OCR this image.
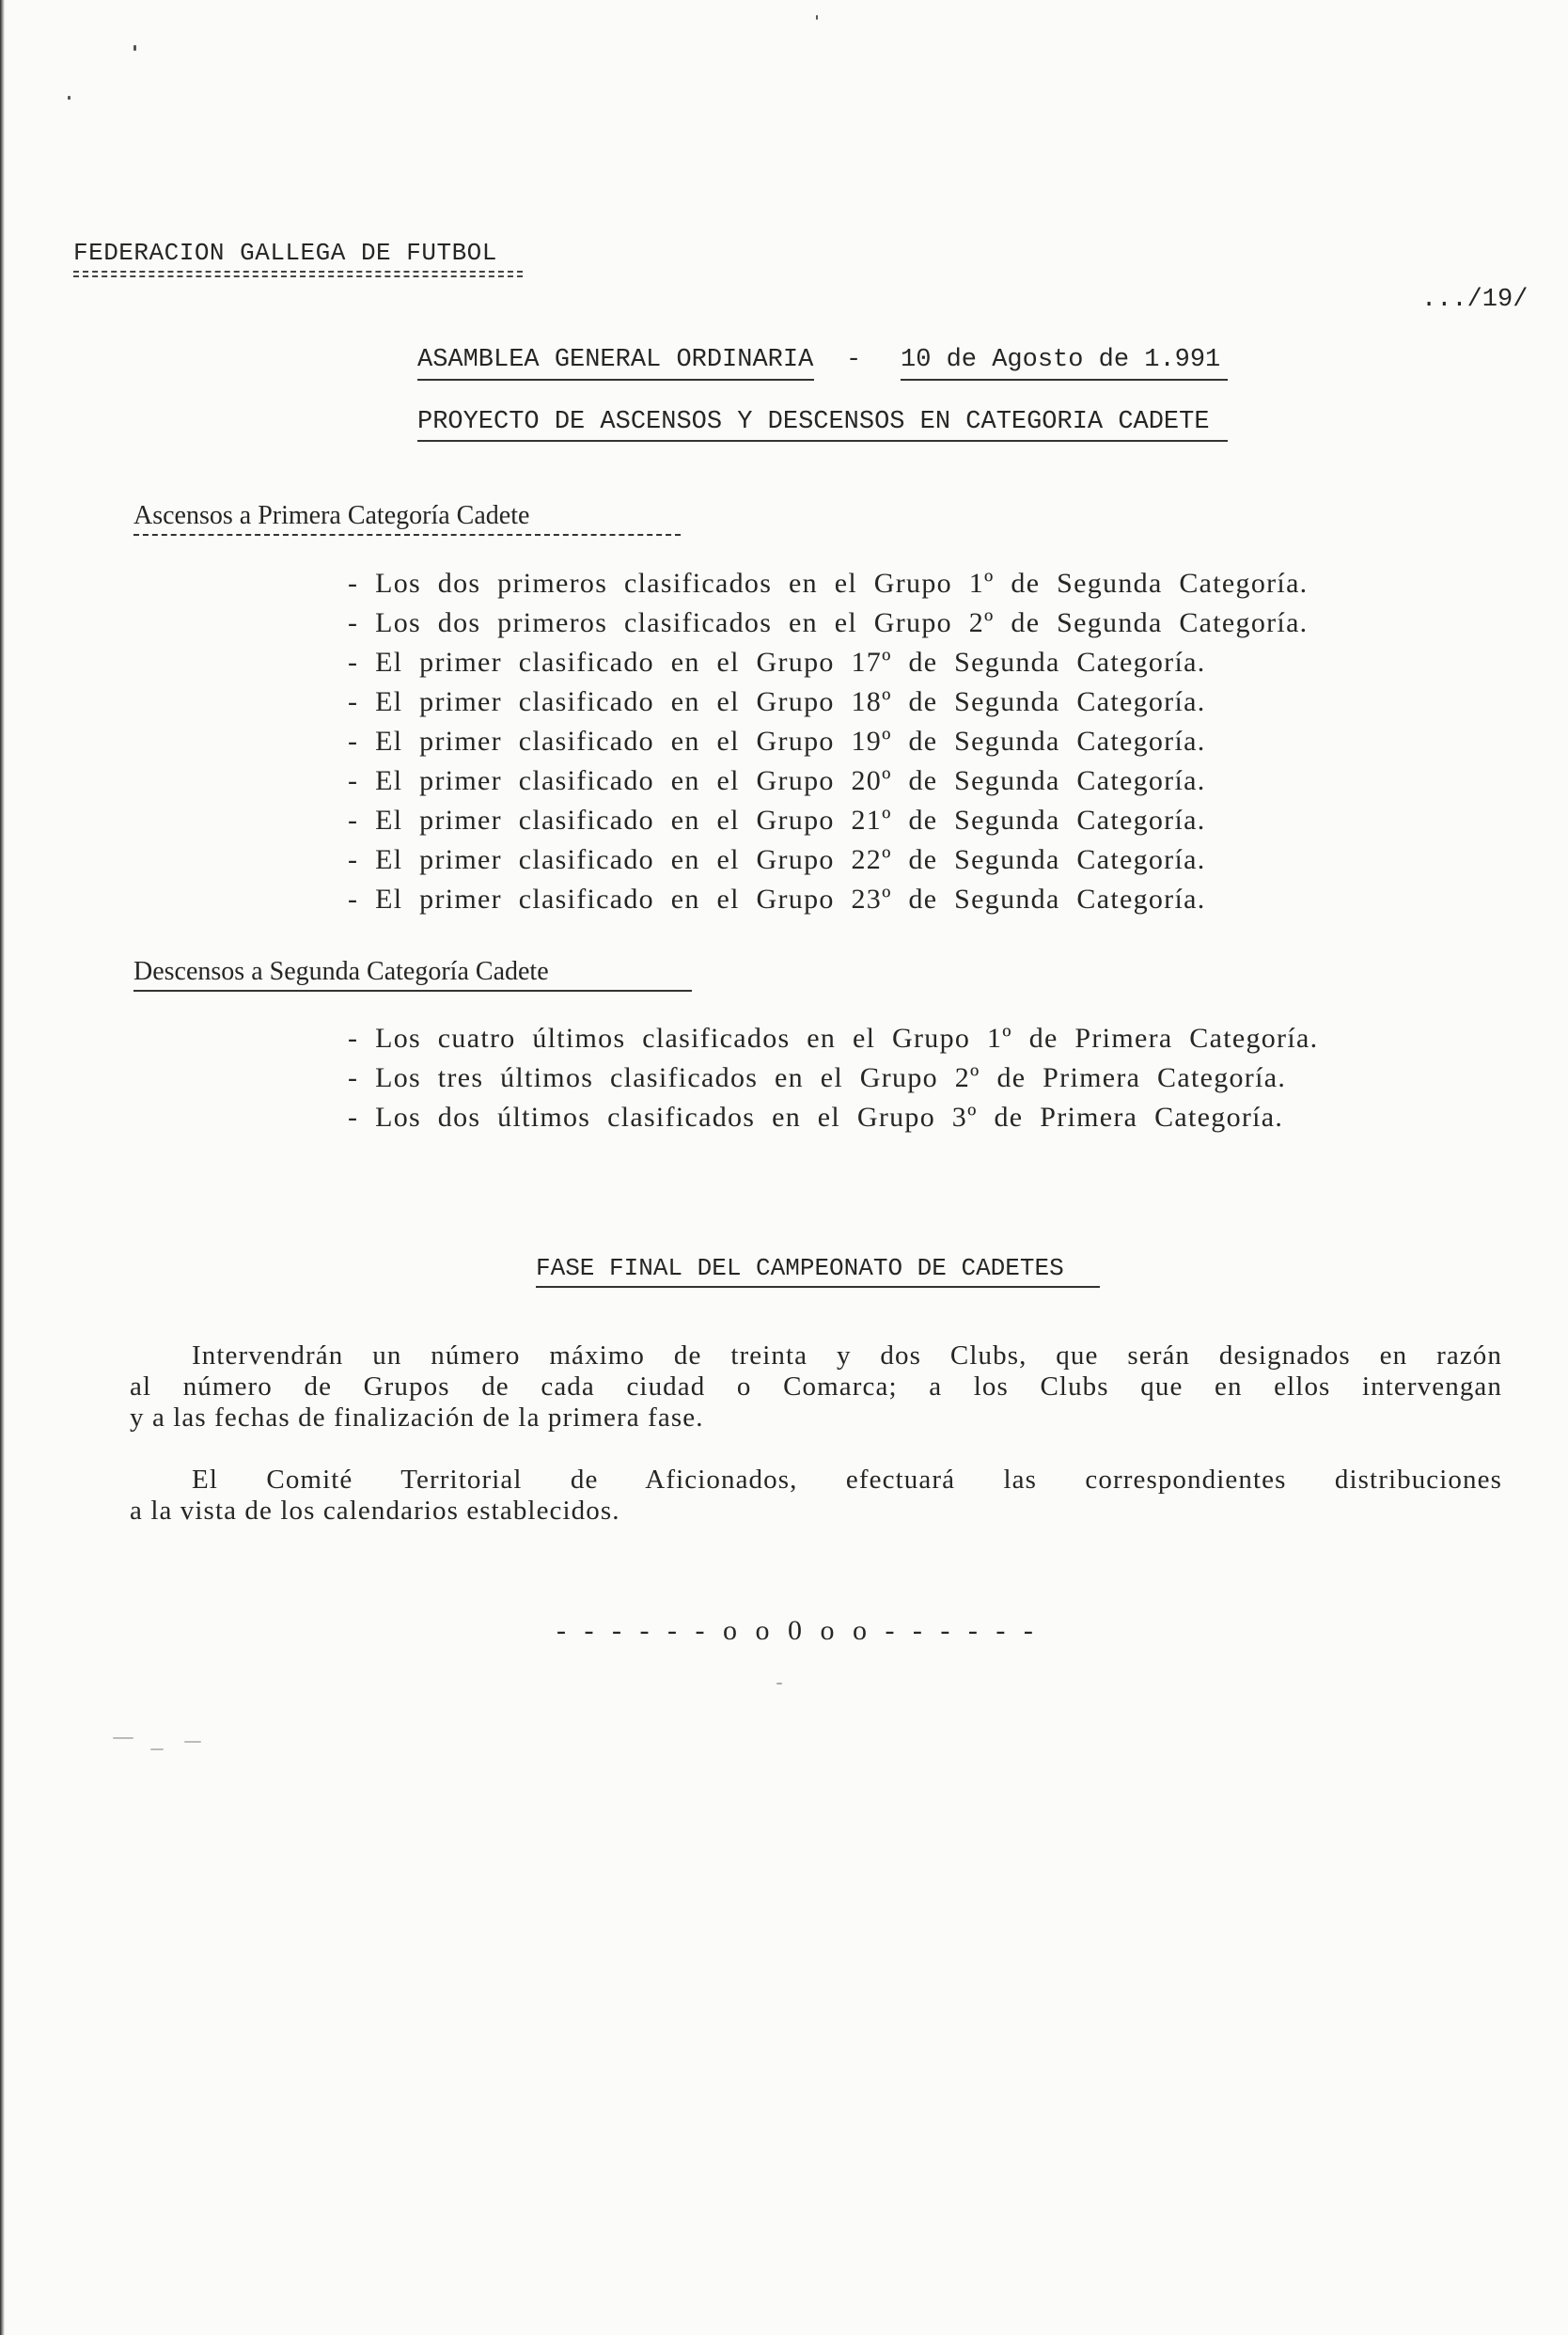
FEDERACION GALLEGA DE FUTBOL
.../19/
ASAMBLEA GENERAL ORDINARIA - 10 de Agosto de 1.991
PROYECTO DE ASCENSOS Y DESCENSOS EN CATEGORIA CADETE
Ascensos a Primera Categoría Cadete
- Los dos primeros clasificados en el Grupo 1º de Segunda Categoría.
- Los dos primeros clasificados en el Grupo 2º de Segunda Categoría.
- El primer clasificado en el Grupo 17º de Segunda Categoría.
- El primer clasificado en el Grupo 18º de Segunda Categoría.
- El primer clasificado en el Grupo 19º de Segunda Categoría.
- El primer clasificado en el Grupo 20º de Segunda Categoría.
- El primer clasificado en el Grupo 21º de Segunda Categoría.
- El primer clasificado en el Grupo 22º de Segunda Categoría.
- El primer clasificado en el Grupo 23º de Segunda Categoría.
Descensos a Segunda Categoría Cadete
- Los cuatro últimos clasificados en el Grupo 1º de Primera Categoría.
- Los tres últimos clasificados en el Grupo 2º de Primera Categoría.
- Los dos últimos clasificados en el Grupo 3º de Primera Categoría.
FASE FINAL DEL CAMPEONATO DE CADETES
Intervendrán un número máximo de treinta y dos Clubs, que serán designados en razón
al número de Grupos de cada ciudad o Comarca; a los Clubs que en ellos intervengan
y a las fechas de finalización de la primera fase.
El Comité Territorial de Aficionados, efectuará las correspondientes distribuciones
a la vista de los calendarios establecidos.
- - - - - - o o 0 o o - - - - - -
